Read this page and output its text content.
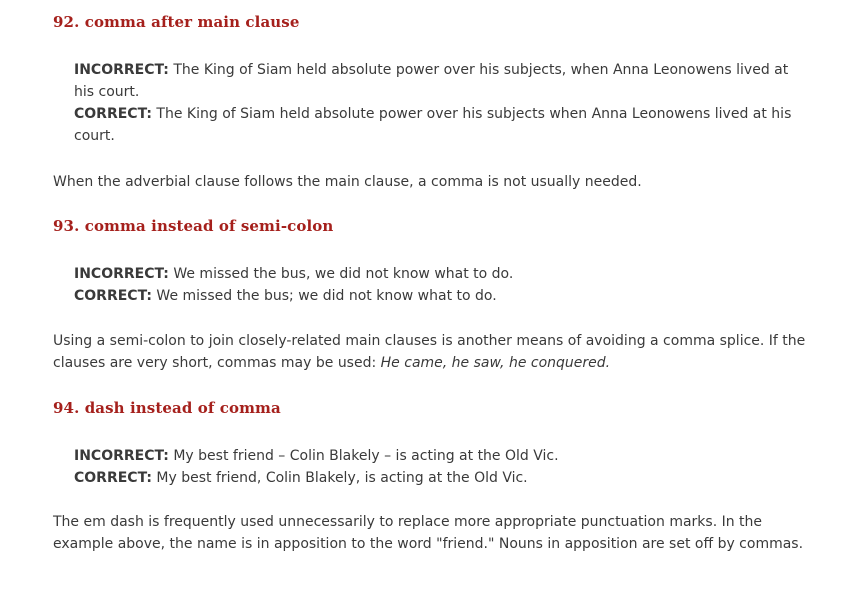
92. comma after main clause

INCORRECT: The King of Siam held absolute power over his subjects, when Anna Leonowens lived at his court.

CORRECT: The King of Siam held absolute power over his subjects when Anna Leonowens lived at his court.

When the adverbial clause follows the main clause, a comma is not usually needed.

93. comma instead of semi-colon

INCORRECT: We missed the bus, we did not know what to do.

CORRECT: We missed the bus; we did not know what to do.

Using a semi-colon to join closely-related main clauses is another means of avoiding a comma splice. If the clauses are very short, commas may be used: He came, he saw, he conquered.

94. dash instead of comma

INCORRECT: My best friend – Colin Blakely – is acting at the Old Vic.

CORRECT: My best friend, Colin Blakely, is acting at the Old Vic.

The em dash is frequently used unnecessarily to replace more appropriate punctuation marks. In the example above, the name is in apposition to the word "friend." Nouns in apposition are set off by commas.
